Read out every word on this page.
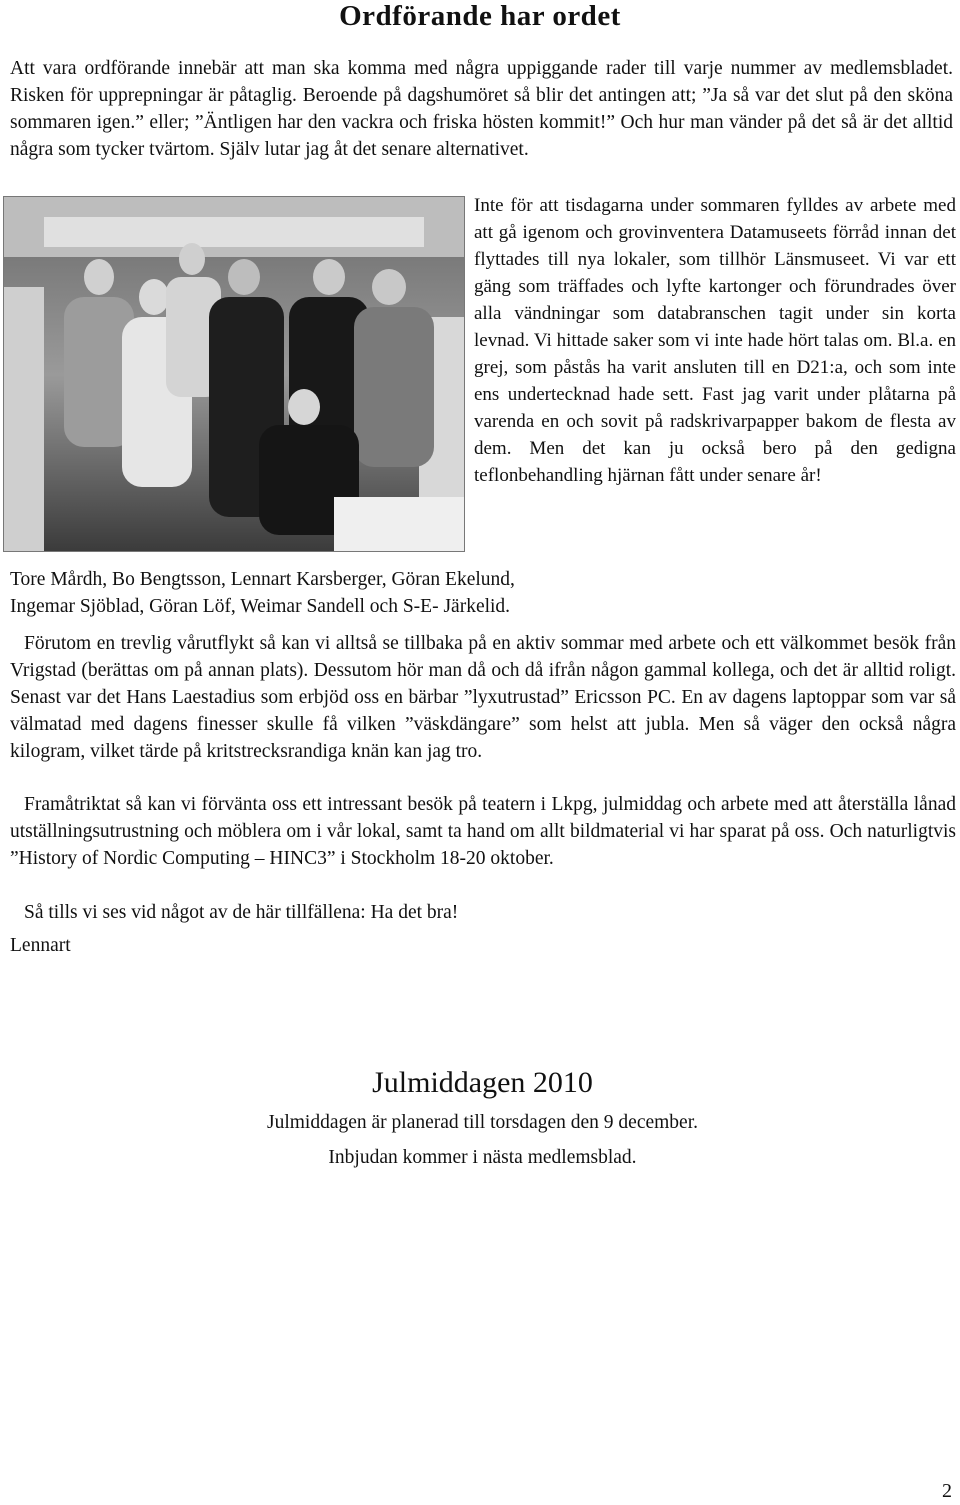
Ordförande har ordet

Att vara ordförande innebär att man ska komma med några uppiggande rader till varje nummer av medlemsbladet. Risken för upprepningar är påtaglig. Beroende på dagshumöret så blir det antingen att; ”Ja så var det slut på den sköna sommaren igen.” eller; ”Äntligen har den vackra och friska hösten kommit!” Och hur man vänder på det så är det alltid några som tycker tvärtom. Själv lutar jag åt det senare alternativet.

Inte för att tisdagarna under sommaren fylldes av arbete med att gå igenom och grovinventera Datamuseets förråd innan det flyttades till nya lokaler, som tillhör Länsmuseet. Vi var ett gäng som träffades och lyfte kartonger och förundrades över alla vändningar som databranschen tagit under sin korta levnad. Vi hittade saker som vi inte hade hört talas om. Bl.a. en grej, som påstås ha varit ansluten till en D21:a, och som inte ens undertecknad hade sett. Fast jag varit under plåtarna på varenda en och sovit på radskrivarpapper bakom de flesta av dem. Men det kan ju också bero på den gedigna teflonbehandling hjärnan fått under senare år!

Tore Mårdh, Bo Bengtsson, Lennart Karsberger, Göran Ekelund,
Ingemar Sjöblad, Göran Löf, Weimar Sandell och S-E- Järkelid.

Förutom en trevlig vårutflykt så kan vi alltså se tillbaka på en aktiv sommar med arbete och ett välkommet besök från Vrigstad (berättas om på annan plats). Dessutom hör man då och då ifrån någon gammal kollega, och det är alltid roligt. Senast var det Hans Laestadius som erbjöd oss en bärbar ”lyxutrustad” Ericsson PC. En av dagens laptoppar som var så välmatad med dagens finesser skulle få vilken ”väskdängare” som helst att jubla. Men så väger den också några kilogram, vilket tärde på kritstrecksrandiga knän kan jag tro.

Framåtriktat så kan vi förvänta oss ett intressant besök på teatern i Lkpg, julmiddag och arbete med att återställa lånad utställningsutrustning och möblera om i vår lokal, samt ta hand om allt bildmaterial vi har sparat på oss. Och naturligtvis ”History of Nordic Computing – HINC3” i Stockholm 18-20 oktober.

Så tills vi ses vid något av de här tillfällena: Ha det bra!

Lennart

Julmiddagen 2010

Julmiddagen är planerad till torsdagen den 9 december.

Inbjudan kommer i nästa medlemsblad.

2
